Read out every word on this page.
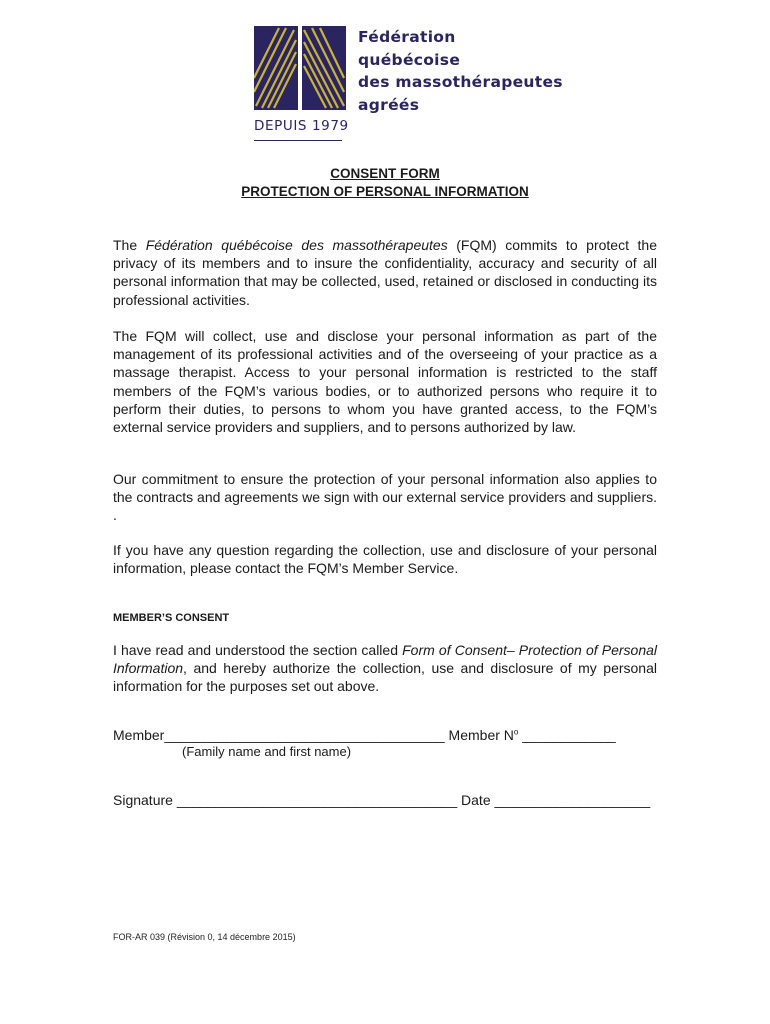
Fédération
québécoise
des massothérapeutes
agréés
DEPUIS 1979
CONSENT FORM
PROTECTION OF PERSONAL INFORMATION

The Fédération québécoise des massothérapeutes (FQM) commits to protect the privacy of its members and to insure the confidentiality, accuracy and security of all personal information that may be collected, used, retained or disclosed in conducting its professional activities.

The FQM will collect, use and disclose your personal information as part of the management of its professional activities and of the overseeing of your practice as a massage therapist. Access to your personal information is restricted to the staff members of the FQM’s various bodies, or to authorized persons who require it to perform their duties, to persons to whom you have granted access, to the FQM’s external service providers and suppliers, and to persons authorized by law.

Our commitment to ensure the protection of your personal information also applies to the contracts and agreements we sign with our external service providers and suppliers. .

If you have any question regarding the collection, use and disclosure of your personal information, please contact the FQM’s Member Service.

MEMBER’S CONSENT

I have read and understood the section called Form of Consent– Protection of Personal Information, and hereby authorize the collection, use and disclosure of my personal information for the purposes set out above.

Member____________________________________ Member $N^o$ ____________
(Family name and first name)
Signature ____________________________________ Date ____________________
FOR-AR 039 (Révision 0, 14 décembre 2015)
